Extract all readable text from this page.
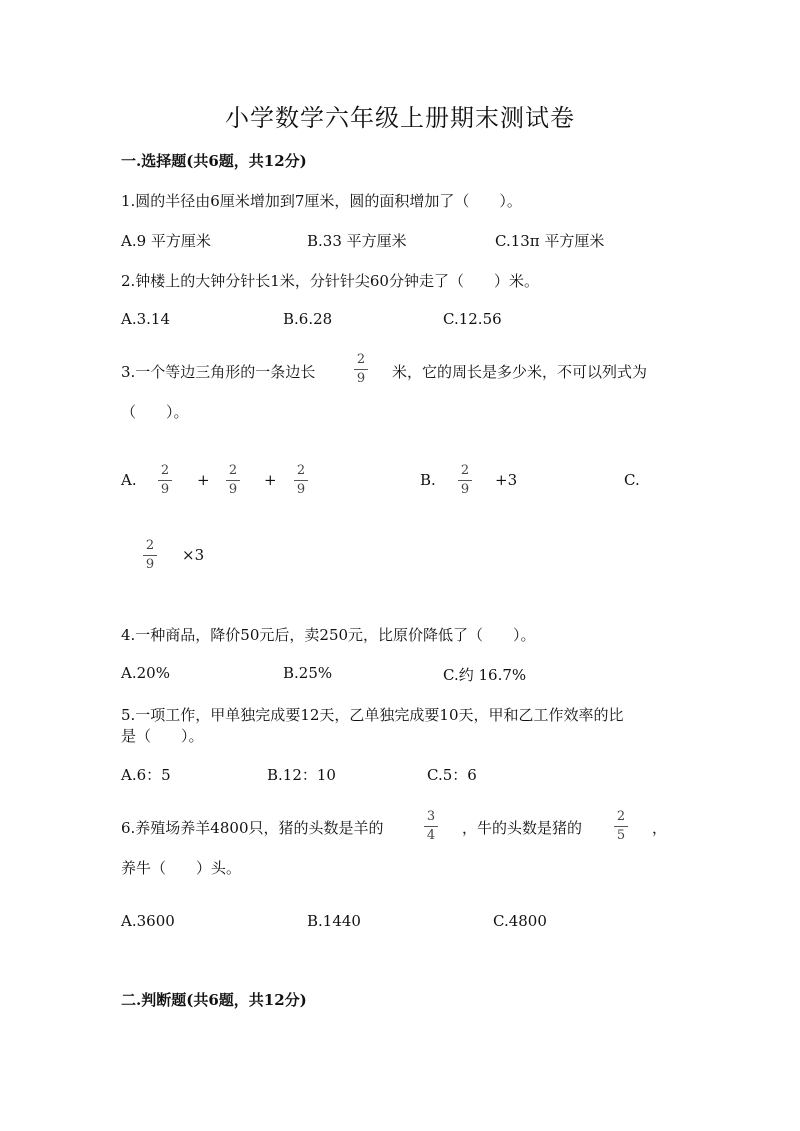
小学数学六年级上册期末测试卷
一.选择题(共6题，共12分)
1.圆的半径由6厘米增加到7厘米，圆的面积增加了（　　）。
A.9 平方厘米	B.33 平方厘米	C.13π 平方厘米
2.钟楼上的大钟分针长1米，分针针尖60分钟走了（　　）米。
A.3.14	B.6.28	C.12.56
3.一个等边三角形的一条边长
2
9 米，它的周长是多少米，不可以列式为
（　　）。
A.
2
9
+
2
9
+
2
9
B.
2
9
+3	C.
2
9
×3
4.一种商品，降价50元后，卖250元，比原价降低了（　　）。
A.20%	B.25%	C.约 16.7%
5.一项工作，甲单独完成要12天，乙单独完成要10天，甲和乙工作效率的比
是（　　）。
A.6：5	B.12：10	C.5：6
6.养殖场养羊4800只，猪的头数是羊的
3
4 ，牛的头数是猪的
2
5 ，
养牛（　　）头。
A.3600	B.1440	C.4800
二.判断题(共6题，共12分)
